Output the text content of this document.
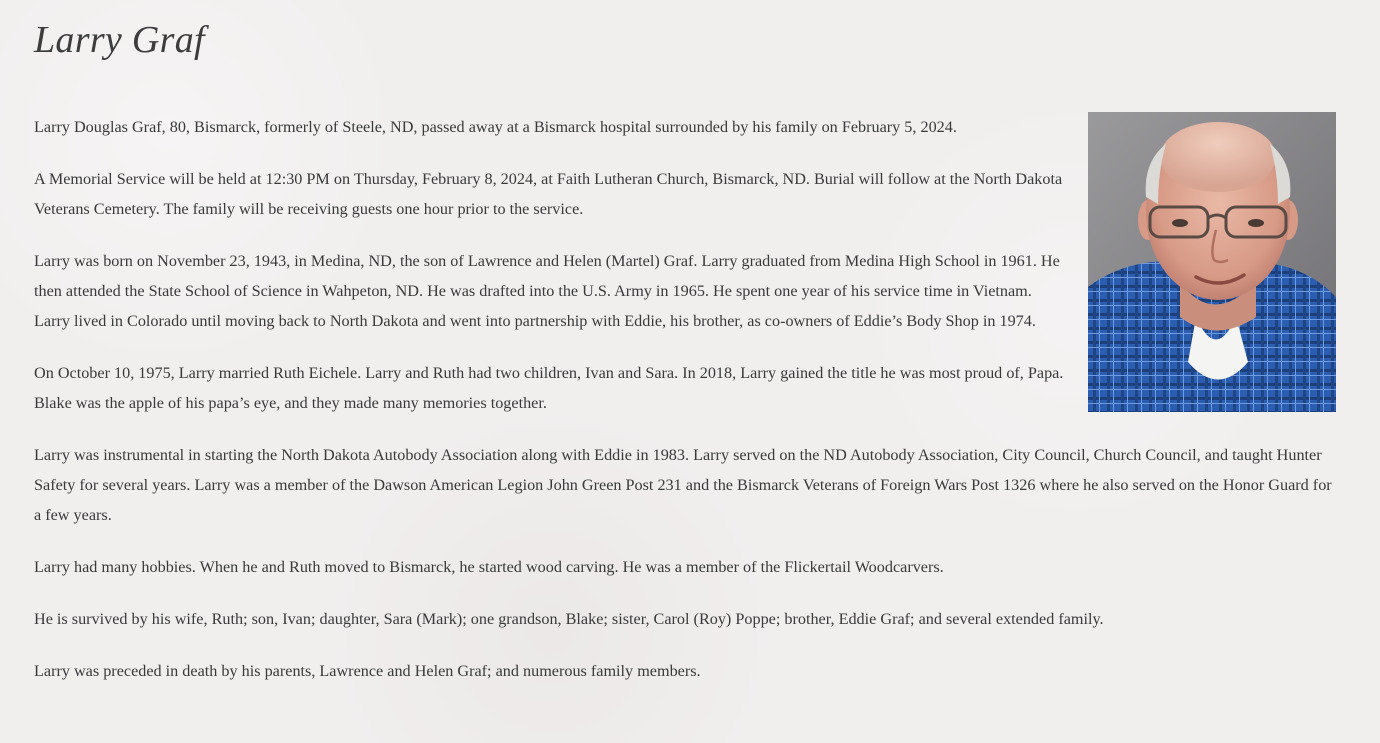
Larry Graf

Larry Douglas Graf, 80, Bismarck, formerly of Steele, ND, passed away at a Bismarck hospital surrounded by his family on February 5, 2024.

A Memorial Service will be held at 12:30 PM on Thursday, February 8, 2024, at Faith Lutheran Church, Bismarck, ND. Burial will follow at the North Dakota Veterans Cemetery. The family will be receiving guests one hour prior to the service.

Larry was born on November 23, 1943, in Medina, ND, the son of Lawrence and Helen (Martel) Graf. Larry graduated from Medina High School in 1961. He then attended the State School of Science in Wahpeton, ND. He was drafted into the U.S. Army in 1965. He spent one year of his service time in Vietnam. Larry lived in Colorado until moving back to North Dakota and went into partnership with Eddie, his brother, as co-owners of Eddie’s Body Shop in 1974.

On October 10, 1975, Larry married Ruth Eichele. Larry and Ruth had two children, Ivan and Sara. In 2018, Larry gained the title he was most proud of, Papa. Blake was the apple of his papa’s eye, and they made many memories together.

Larry was instrumental in starting the North Dakota Autobody Association along with Eddie in 1983. Larry served on the ND Autobody Association, City Council, Church Council, and taught Hunter Safety for several years. Larry was a member of the Dawson American Legion John Green Post 231 and the Bismarck Veterans of Foreign Wars Post 1326 where he also served on the Honor Guard for a few years.

Larry had many hobbies. When he and Ruth moved to Bismarck, he started wood carving. He was a member of the Flickertail Woodcarvers.

He is survived by his wife, Ruth; son, Ivan; daughter, Sara (Mark); one grandson, Blake; sister, Carol (Roy) Poppe; brother, Eddie Graf; and several extended family.

Larry was preceded in death by his parents, Lawrence and Helen Graf; and numerous family members.
